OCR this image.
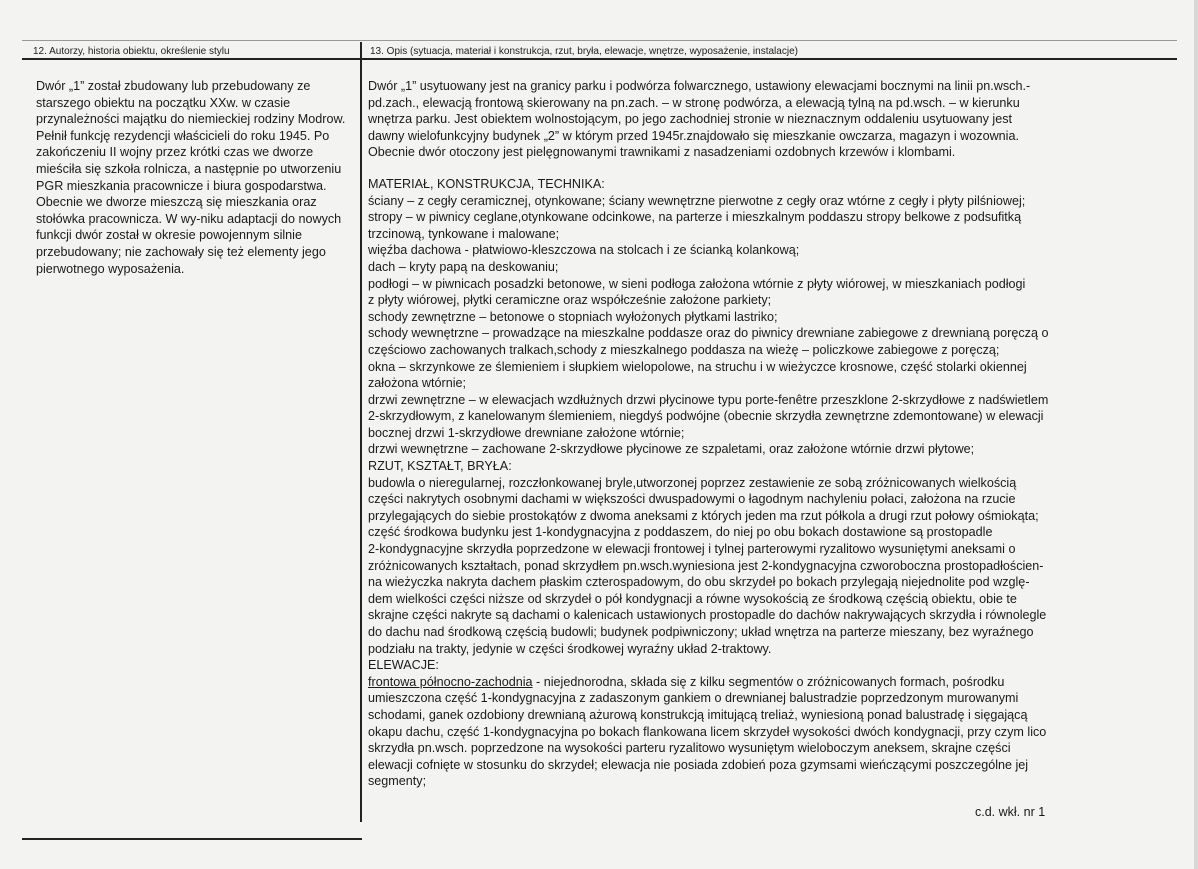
12. Autorzy, historia obiektu, określenie stylu	13. Opis (sytuacja, materiał i konstrukcja, rzut, bryła, elewacje, wnętrze, wyposażenie, instalacje)

Dwór „1” został zbudowany lub przebudowany ze starszego obiektu na początku XXw. w czasie przynależności majątku do niemieckiej rodziny Modrow.

Pełnił funkcję rezydencji właścicieli do roku 1945. Po zakończeniu II wojny przez krótki czas we dworze mieściła się szkoła rolnicza, a następnie po utworzeniu PGR mieszkania pracownicze i biura gospodarstwa. Obecnie we dworze mieszczą się mieszkania oraz stołówka pracownicza. W wy-niku adaptacji do nowych funkcji dwór został w okresie powojennym silnie przebudowany; nie zachowały się też elementy jego pierwotnego wyposażenia.

Dwór „1” usytuowany jest na granicy parku i podwórza folwarcznego, ustawiony elewacjami bocznymi na linii pn.wsch.-
pd.zach., elewacją frontową skierowany na pn.zach. – w stronę podwórza, a elewacją tylną na pd.wsch. – w kierunku
wnętrza parku. Jest obiektem wolnostojącym, po jego zachodniej stronie w nieznacznym oddaleniu usytuowany jest
dawny wielofunkcyjny budynek „2” w którym przed 1945r.znajdowało się mieszkanie owczarza, magazyn i wozownia.
Obecnie dwór otoczony jest pielęgnowanymi trawnikami z nasadzeniami ozdobnych krzewów i klombami.
MATERIAŁ, KONSTRUKCJA, TECHNIKA:
ściany – z cegły ceramicznej, otynkowane; ściany wewnętrzne pierwotne z cegły oraz wtórne z cegły i płyty pilśniowej;
stropy – w piwnicy ceglane,otynkowane odcinkowe, na parterze i mieszkalnym poddaszu stropy belkowe z podsufitką
trzcinową, tynkowane i malowane;
więźba dachowa - płatwiowo-kleszczowa na stolcach i ze ścianką kolankową;
dach – kryty papą na deskowaniu;
podłogi – w piwnicach posadzki betonowe, w sieni podłoga założona wtórnie z płyty wiórowej, w mieszkaniach podłogi
z płyty wiórowej, płytki ceramiczne oraz współcześnie założone parkiety;
schody zewnętrzne – betonowe o stopniach wyłożonych płytkami lastriko;
schody wewnętrzne – prowadzące na mieszkalne poddasze oraz do piwnicy drewniane zabiegowe z drewnianą poręczą o
częściowo zachowanych tralkach,schody z mieszkalnego poddasza na wieżę – policzkowe zabiegowe z poręczą;
okna – skrzynkowe ze ślemieniem i słupkiem wielopolowe, na struchu i w wieżyczce krosnowe, część stolarki okiennej
założona wtórnie;
drzwi zewnętrzne – w elewacjach wzdłużnych drzwi płycinowe typu porte-fenêtre przeszklone 2-skrzydłowe z nadświetlem
2-skrzydłowym, z kanelowanym ślemieniem, niegdyś podwójne (obecnie skrzydła zewnętrzne zdemontowane) w elewacji
bocznej drzwi 1-skrzydłowe drewniane założone wtórnie;
drzwi wewnętrzne – zachowane 2-skrzydłowe płycinowe ze szpaletami, oraz założone wtórnie drzwi płytowe;
RZUT, KSZTAŁT, BRYŁA:
budowla o nieregularnej, rozczłonkowanej bryle,utworzonej poprzez zestawienie ze sobą zróżnicowanych wielkością
części nakrytych osobnymi dachami w większości dwuspadowymi o łagodnym nachyleniu połaci, założona na rzucie
przylegających do siebie prostokątów z dwoma aneksami z których jeden ma rzut półkola a drugi rzut połowy ośmiokąta;
część środkowa budynku jest 1-kondygnacyjna z poddaszem, do niej po obu bokach dostawione są prostopadle
2-kondygnacyjne skrzydła poprzedzone w elewacji frontowej i tylnej parterowymi ryzalitowo wysuniętymi aneksami o
zróżnicowanych kształtach, ponad skrzydłem pn.wsch.wyniesiona jest 2-kondygnacyjna czworoboczna prostopadłościen-
na wieżyczka nakryta dachem płaskim czterospadowym, do obu skrzydeł po bokach przylegają niejednolite pod wzglę-
dem wielkości części niższe od skrzydeł o pół kondygnacji a równe wysokością ze środkową częścią obiektu, obie te
skrajne części nakryte są dachami o kalenicach ustawionych prostopadle do dachów nakrywających skrzydła i równolegle
do dachu nad środkową częścią budowli; budynek podpiwniczony; układ wnętrza na parterze mieszany, bez wyraźnego
podziału na trakty, jedynie w części środkowej wyraźny układ 2-traktowy.
ELEWACJE:
frontowa północno-zachodnia - niejednorodna, składa się z kilku segmentów o zróżnicowanych formach, pośrodku
umieszczona część 1-kondygnacyjna z zadaszonym gankiem o drewnianej balustradzie poprzedzonym murowanymi
schodami, ganek ozdobiony drewnianą ażurową konstrukcją imitującą treliaż, wyniesioną ponad balustradę i sięgającą
okapu dachu, część 1-kondygnacyjna po bokach flankowana licem skrzydeł wysokości dwóch kondygnacji, przy czym lico
skrzydła pn.wsch. poprzedzone na wysokości parteru ryzalitowo wysuniętym wieloboczym aneksem, skrajne części
elewacji cofnięte w stosunku do skrzydeł; elewacja nie posiada zdobień poza gzymsami wieńczącymi poszczególne jej
segmenty;
c.d. wkł. nr 1
